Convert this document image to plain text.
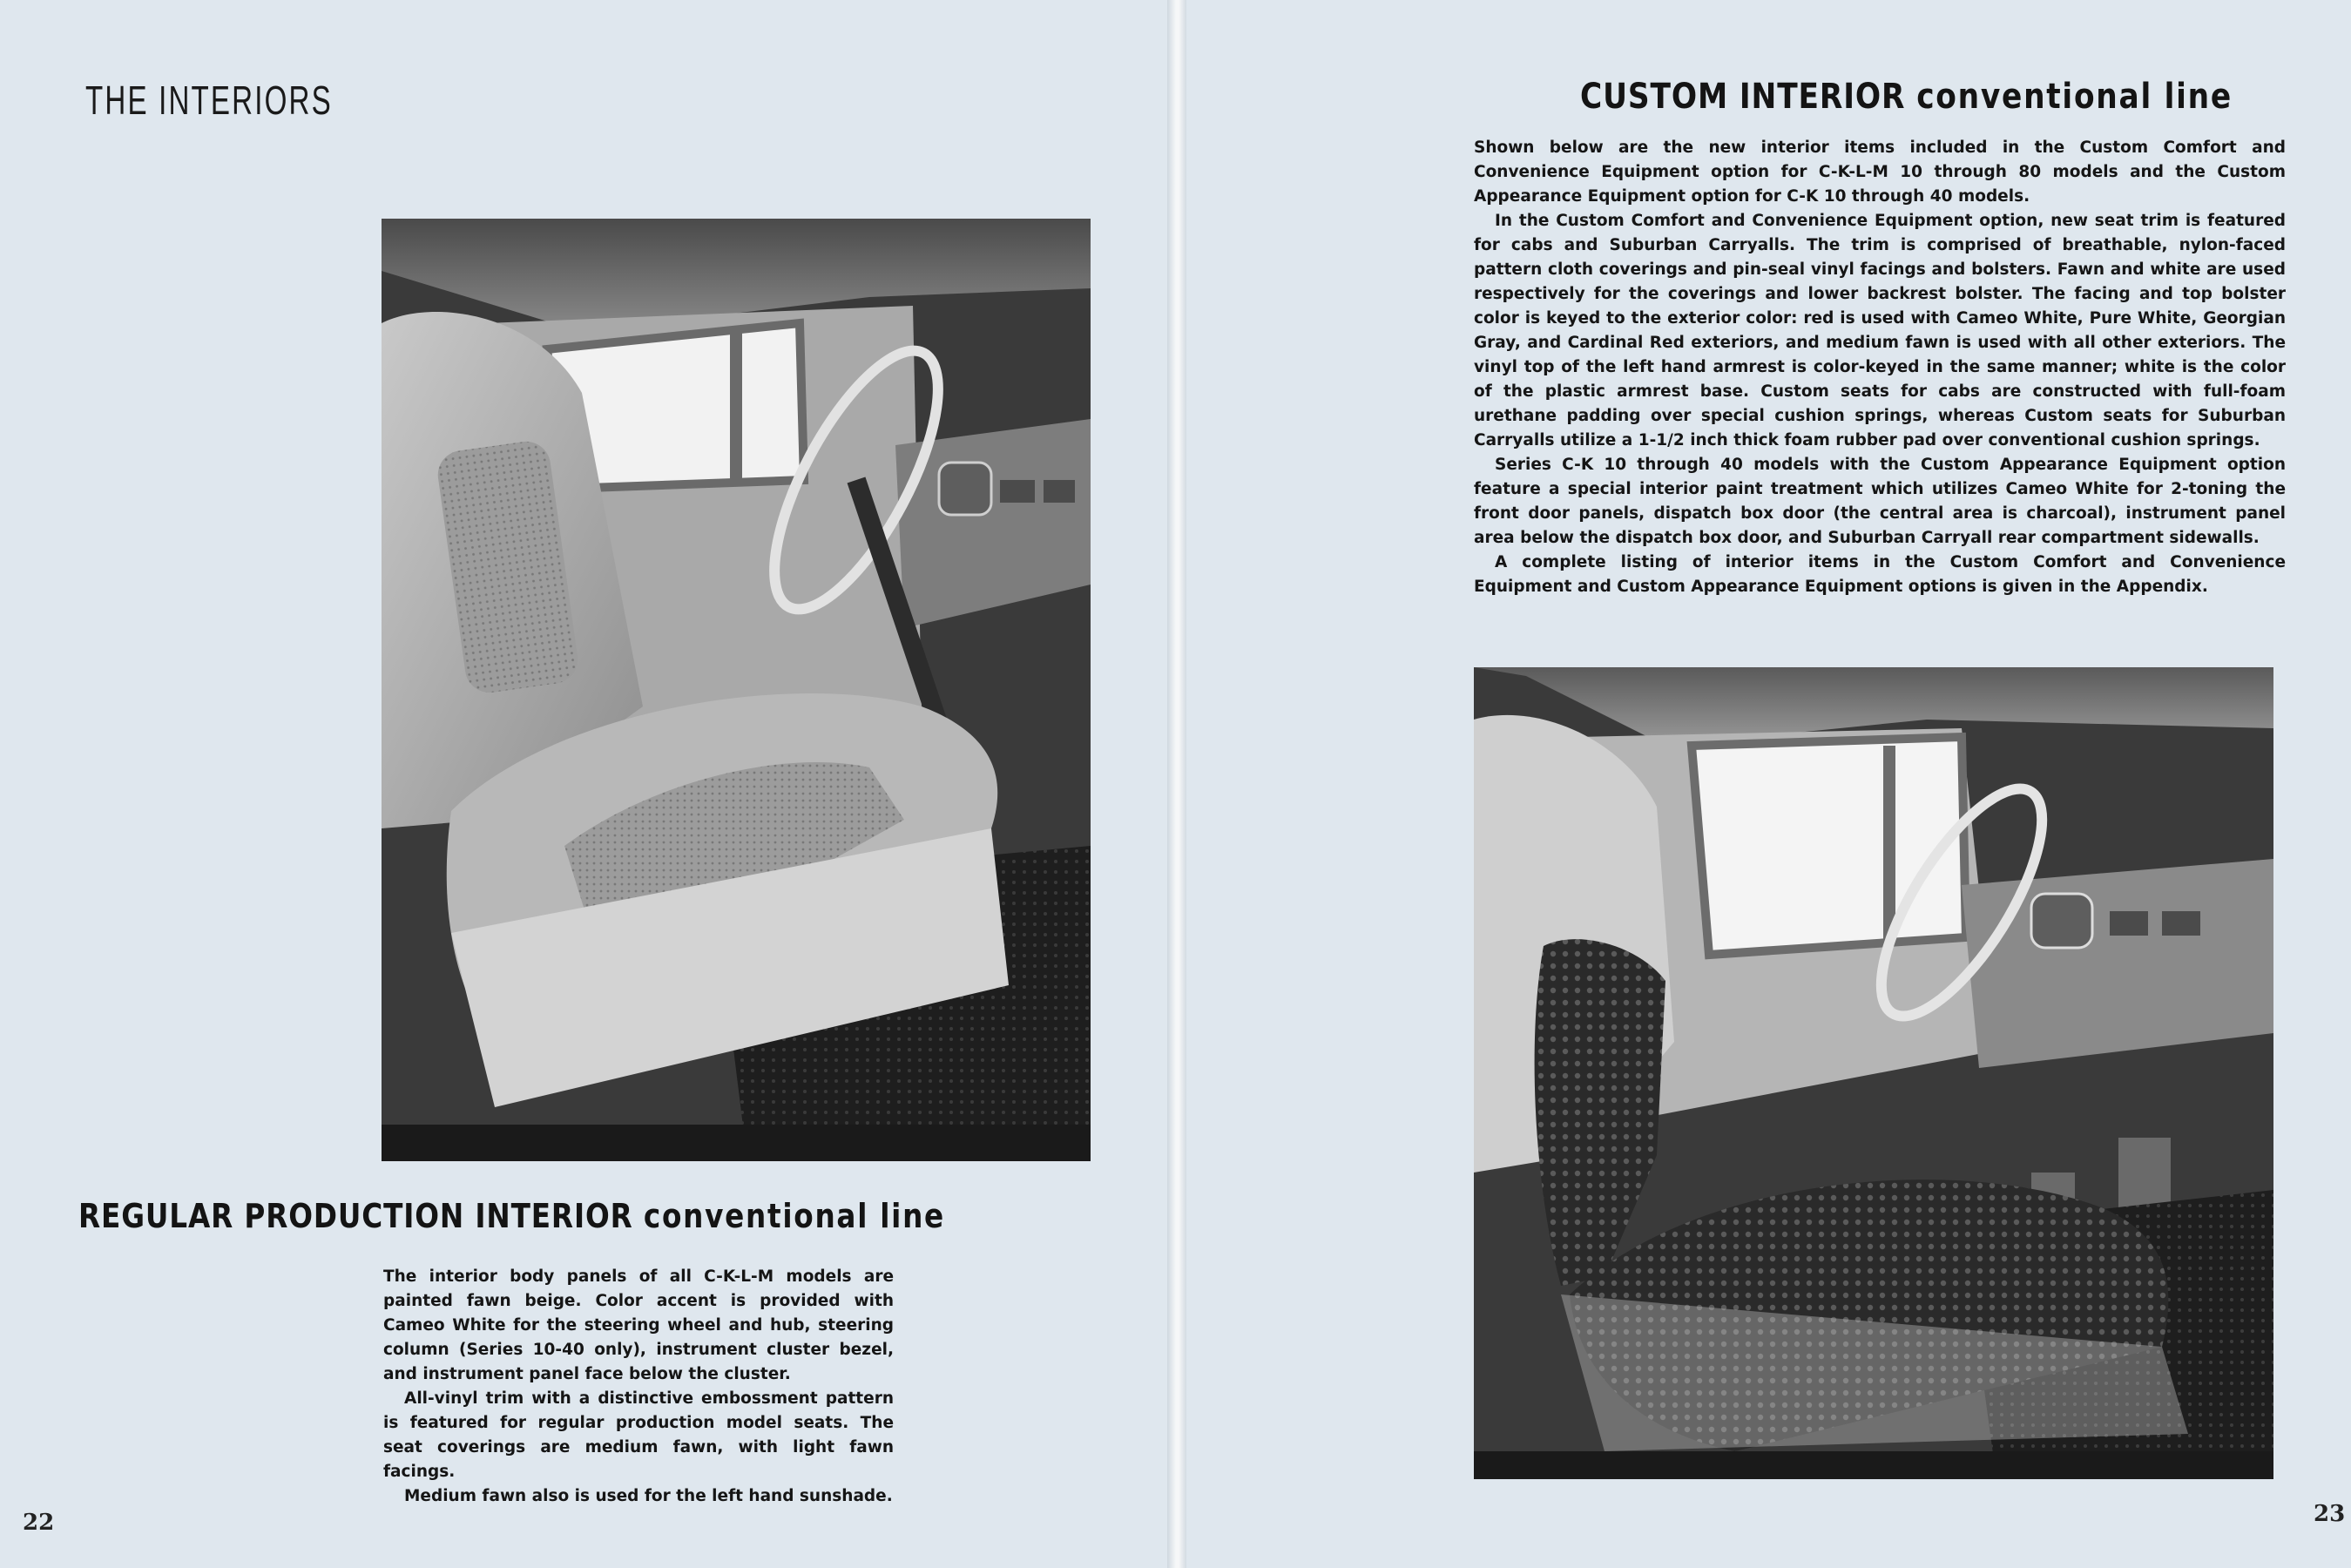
THE INTERIORS
REGULAR PRODUCTION INTERIOR conventional line

The interior body panels of all C-K-L-M models are painted fawn beige. Color accent is provided with Cameo White for the steering wheel and hub, steering column (Series 10-40 only), instrument cluster bezel, and instrument panel face below the cluster.

All-vinyl trim with a distinctive embossment pattern is featured for regular production model seats. The seat coverings are medium fawn, with light fawn facings.

Medium fawn also is used for the left hand sunshade.

22
CUSTOM INTERIOR conventional line

Shown below are the new interior items included in the Custom Comfort and Convenience Equipment option for C-K-L-M 10 through 80 models and the Custom Appearance Equipment option for C-K 10 through 40 models.

In the Custom Comfort and Convenience Equipment option, new seat trim is featured for cabs and Suburban Carryalls. The trim is comprised of breathable, nylon-faced pattern cloth coverings and pin-seal vinyl facings and bolsters. Fawn and white are used respectively for the coverings and lower backrest bolster. The facing and top bolster color is keyed to the exterior color: red is used with Cameo White, Pure White, Georgian Gray, and Cardinal Red exteriors, and medium fawn is used with all other exteriors. The vinyl top of the left hand armrest is color-keyed in the same manner; white is the color of the plastic armrest base. Custom seats for cabs are constructed with full-foam urethane padding over special cushion springs, whereas Custom seats for Suburban Carryalls utilize a 1-1/2 inch thick foam rubber pad over conventional cushion springs.

Series C-K 10 through 40 models with the Custom Appearance Equipment option feature a special interior paint treatment which utilizes Cameo White for 2-toning the front door panels, dispatch box door (the central area is charcoal), instrument panel area below the dispatch box door, and Suburban Carryall rear compartment sidewalls.

A complete listing of interior items in the Custom Comfort and Convenience Equipment and Custom Appearance Equipment options is given in the Appendix.

23
